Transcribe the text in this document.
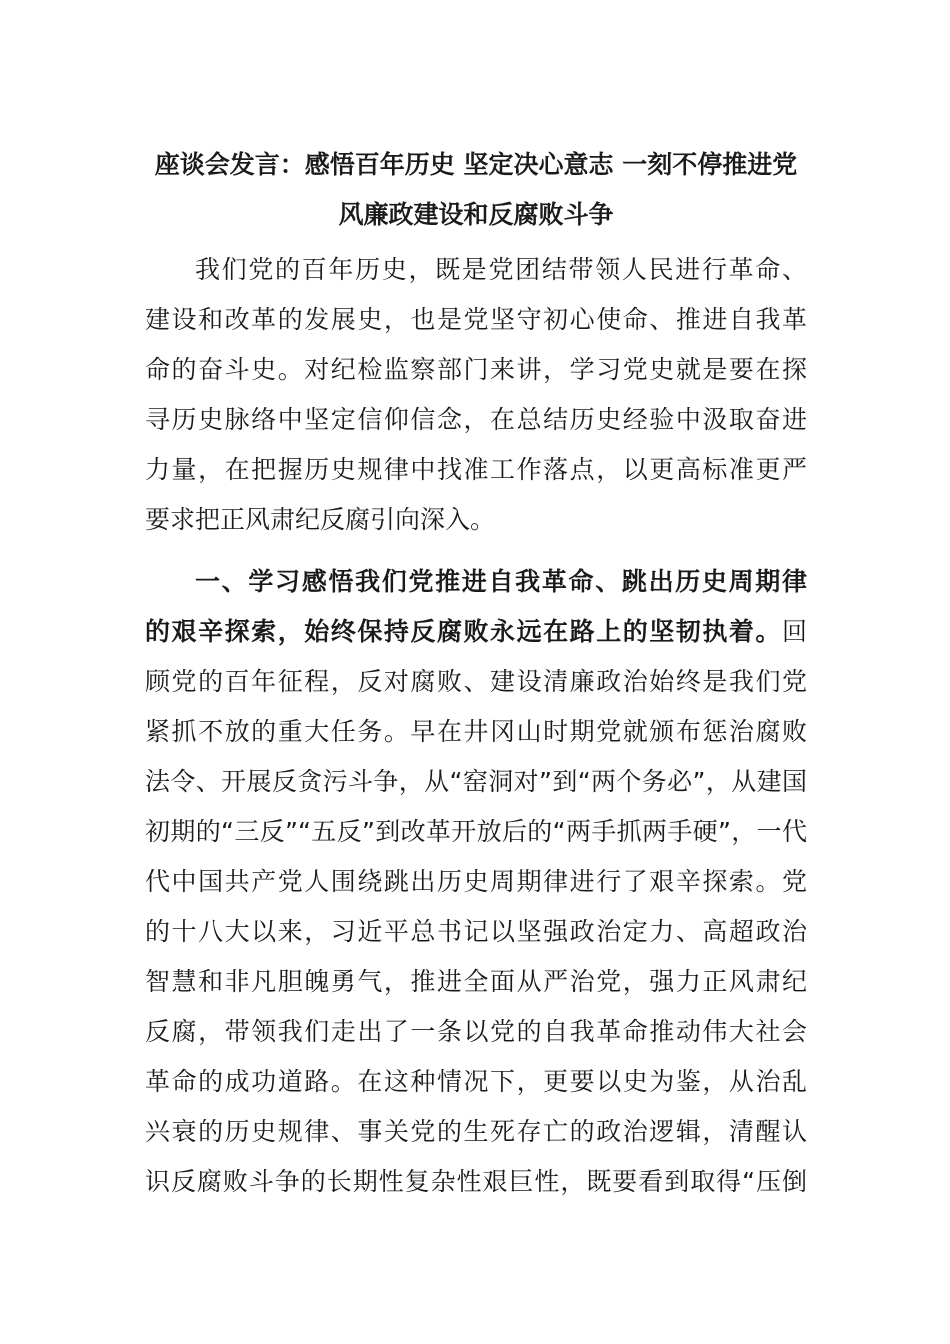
座谈会发言：感悟百年历史 坚定决心意志 一刻不停推进党
风廉政建设和反腐败斗争
我们党的百年历史，既是党团结带领人民进行革命、
建设和改革的发展史，也是党坚守初心使命、推进自我革
命的奋斗史。对纪检监察部门来讲，学习党史就是要在探
寻历史脉络中坚定信仰信念，在总结历史经验中汲取奋进
力量，在把握历史规律中找准工作落点，以更高标准更严
要求把正风肃纪反腐引向深入。
一、学习感悟我们党推进自我革命、跳出历史周期律
的艰辛探索，始终保持反腐败永远在路上的坚韧执着。回
顾党的百年征程，反对腐败、建设清廉政治始终是我们党
紧抓不放的重大任务。早在井冈山时期党就颁布惩治腐败
法令、开展反贪污斗争，从“窑洞对”到“两个务必”，从建国
初期的“三反”“五反”到改革开放后的“两手抓两手硬”，一代
代中国共产党人围绕跳出历史周期律进行了艰辛探索。党
的十八大以来，习近平总书记以坚强政治定力、高超政治
智慧和非凡胆魄勇气，推进全面从严治党，强力正风肃纪
反腐，带领我们走出了一条以党的自我革命推动伟大社会
革命的成功道路。在这种情况下，更要以史为鉴，从治乱
兴衰的历史规律、事关党的生死存亡的政治逻辑，清醒认
识反腐败斗争的长期性复杂性艰巨性，既要看到取得“压倒
